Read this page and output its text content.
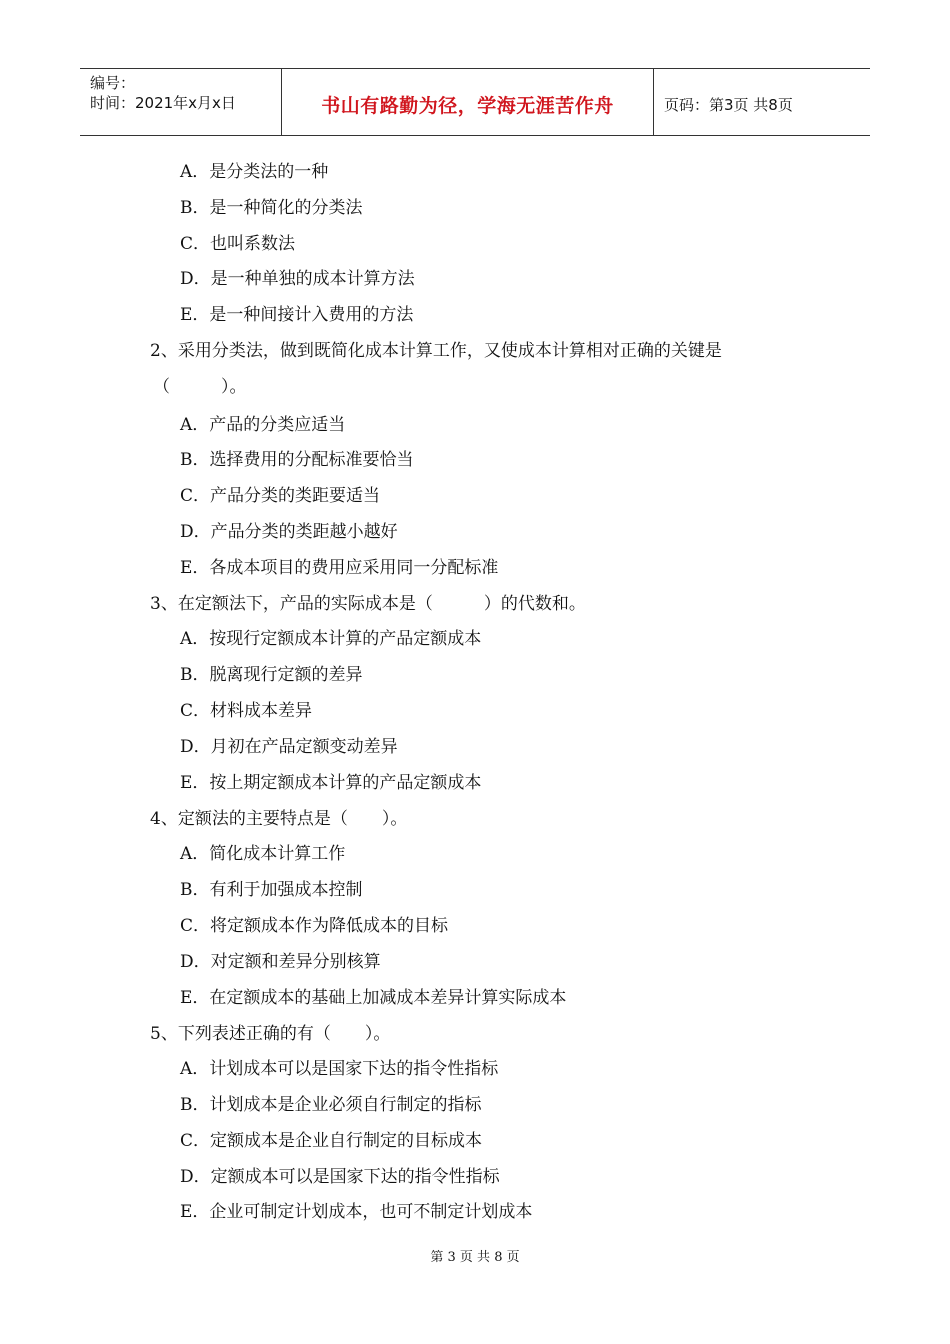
编号：
时间：2021年x月x日	书山有路勤为径，学海无涯苦作舟	页码：第3页 共8页
A．是分类法的一种
B．是一种简化的分类法
C．也叫系数法
D．是一种单独的成本计算方法
E．是一种间接计入费用的方法
2、采用分类法，做到既简化成本计算工作，又使成本计算相对正确的关键是
（　　　）。
A．产品的分类应适当
B．选择费用的分配标准要恰当
C．产品分类的类距要适当
D．产品分类的类距越小越好
E．各成本项目的费用应采用同一分配标准
3、在定额法下，产品的实际成本是（　　　）的代数和。
A．按现行定额成本计算的产品定额成本
B．脱离现行定额的差异
C．材料成本差异
D．月初在产品定额变动差异
E．按上期定额成本计算的产品定额成本
4、定额法的主要特点是（　　）。
A．简化成本计算工作
B．有利于加强成本控制
C．将定额成本作为降低成本的目标
D．对定额和差异分别核算
E．在定额成本的基础上加减成本差异计算实际成本
5、下列表述正确的有（　　）。
A．计划成本可以是国家下达的指令性指标
B．计划成本是企业必须自行制定的指标
C．定额成本是企业自行制定的目标成本
D．定额成本可以是国家下达的指令性指标
E．企业可制定计划成本，也可不制定计划成本
第 3 页 共 8 页
